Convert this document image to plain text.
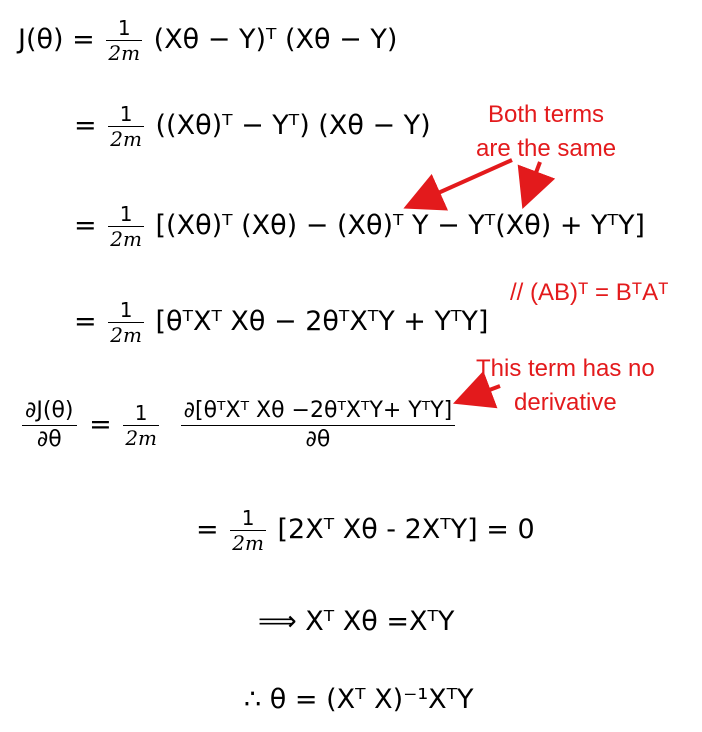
$J(\theta) = \frac{1}{2m} (X\theta$ − Y)ᵀ (Xθ − Y)
= $\frac{1}{2m}$ ((Xθ)ᵀ − Yᵀ) (Xθ − Y)
= $\frac{1}{2m}$ [(Xθ)ᵀ (Xθ) − (Xθ)ᵀ Y − Yᵀ(Xθ) + YᵀY]
= $\frac{1}{2m}$ [θᵀXᵀ Xθ − 2θᵀXᵀY + YᵀY]
$\frac{\partial J(\theta)}{\partial\theta} = \frac{1}{2m}$
$\frac{\text{∂[θᵀXᵀ Xθ −2θᵀXᵀY+ YᵀY]}}{\partial\theta}$
= $\frac{1}{2m}$ [2Xᵀ Xθ - 2XᵀY] = 0
⟹ Xᵀ Xθ =XᵀY
∴ θ = (Xᵀ X)⁻¹XᵀY
Both terms
are the same
// (AB)ᵀ = BᵀAᵀ
This term has no
derivative
